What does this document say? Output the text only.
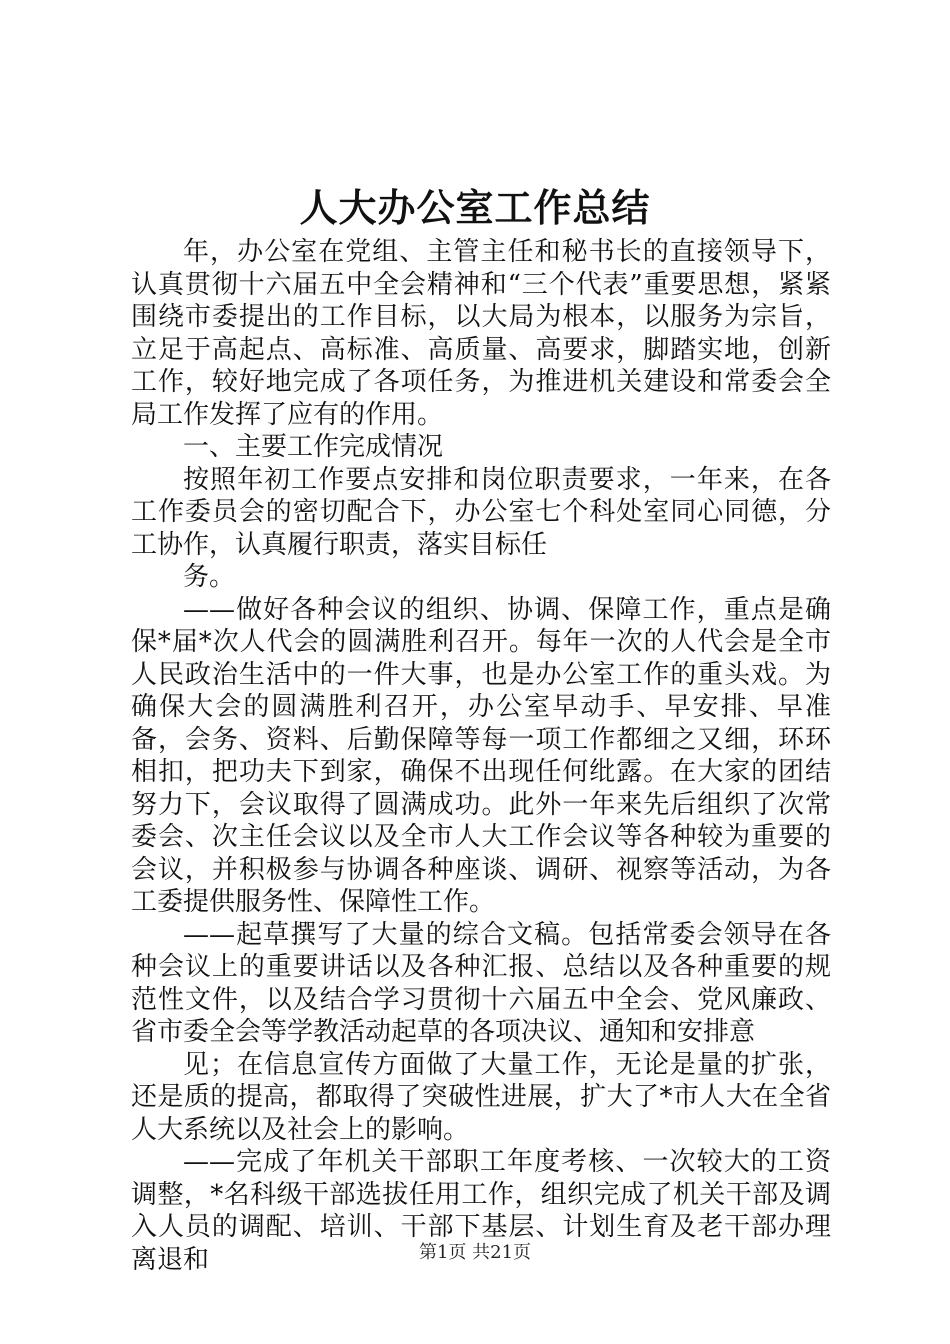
人大办公室工作总结

年，办公室在党组、主管主任和秘书长的直接领导下，认真贯彻十六届五中全会精神和“三个代表”重要思想，紧紧围绕市委提出的工作目标，以大局为根本，以服务为宗旨，立足于高起点、高标准、高质量、高要求，脚踏实地，创新工作，较好地完成了各项任务，为推进机关建设和常委会全局工作发挥了应有的作用。

一、主要工作完成情况

按照年初工作要点安排和岗位职责要求，一年来，在各工作委员会的密切配合下，办公室七个科处室同心同德，分工协作，认真履行职责，落实目标任

务。

——做好各种会议的组织、协调、保障工作，重点是确保*届*次人代会的圆满胜利召开。每年一次的人代会是全市人民政治生活中的一件大事，也是办公室工作的重头戏。为确保大会的圆满胜利召开，办公室早动手、早安排、早准备，会务、资料、后勤保障等每一项工作都细之又细，环环相扣，把功夫下到家，确保不出现任何纰露。在大家的团结努力下，会议取得了圆满成功。此外一年来先后组织了次常委会、次主任会议以及全市人大工作会议等各种较为重要的会议，并积极参与协调各种座谈、调研、视察等活动，为各工委提供服务性、保障性工作。

——起草撰写了大量的综合文稿。包括常委会领导在各种会议上的重要讲话以及各种汇报、总结以及各种重要的规范性文件，以及结合学习贯彻十六届五中全会、党风廉政、省市委全会等学教活动起草的各项决议、通知和安排意

见；在信息宣传方面做了大量工作，无论是量的扩张，还是质的提高，都取得了突破性进展，扩大了*市人大在全省人大系统以及社会上的影响。

——完成了年机关干部职工年度考核、一次较大的工资调整，*名科级干部选拔任用工作，组织完成了机关干部及调入人员的调配、培训、干部下基层、计划生育及老干部办理离退和	第1页 共21页
